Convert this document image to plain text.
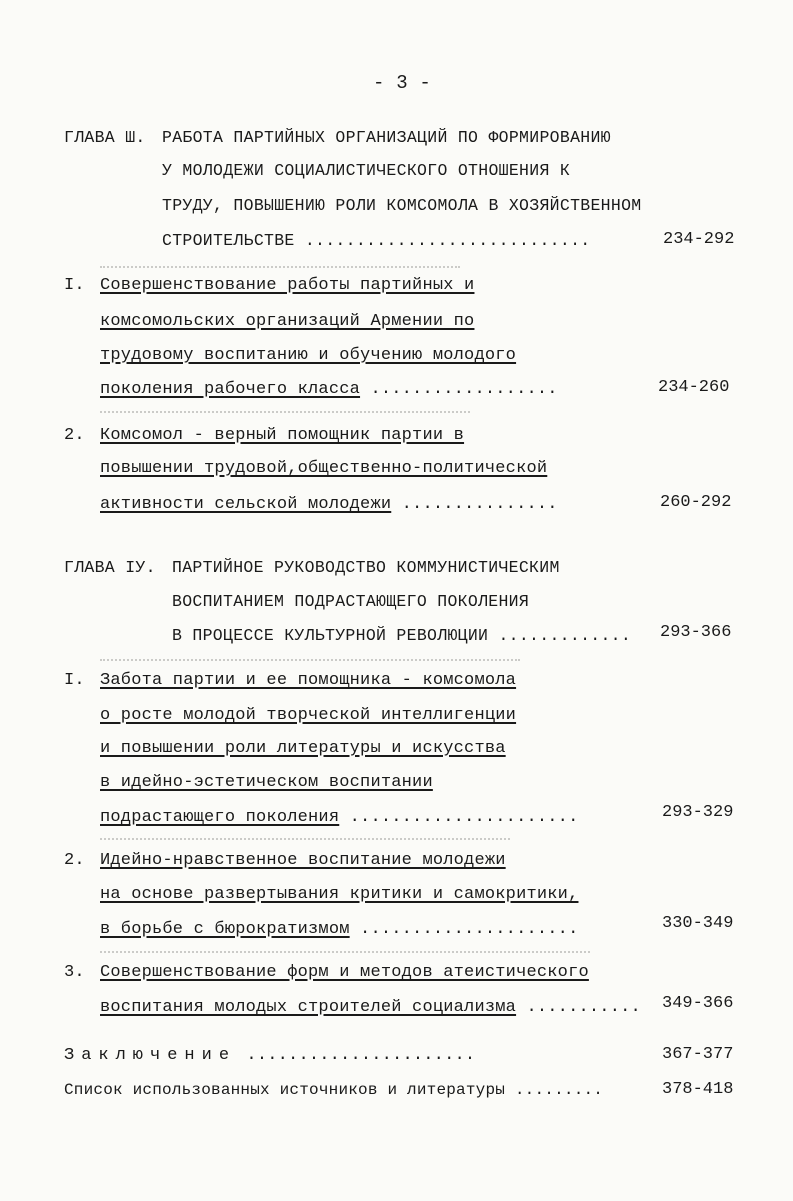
- 3 -
ГЛАВА Ш. РАБОТА ПАРТИЙНЫХ ОРГАНИЗАЦИЙ ПО ФОРМИРОВАНИЮ
У МОЛОДЕЖИ СОЦИАЛИСТИЧЕСКОГО ОТНОШЕНИЯ К
ТРУДУ, ПОВЫШЕНИЮ РОЛИ КОМСОМОЛА В ХОЗЯЙСТВЕННОМ
СТРОИТЕЛЬСТВЕ ............................	234-292
I. Совершенствование работы партийных и
комсомольских организаций Армении по
трудовому воспитанию и обучению молодого
поколения рабочего класса ..................	234-260
2. Комсомол - верный помощник партии в
повышении трудовой,общественно-политической
активности сельской молодежи ...............	260-292
ГЛАВА IУ. ПАРТИЙНОЕ РУКОВОДСТВО КОММУНИСТИЧЕСКИМ
ВОСПИТАНИЕМ ПОДРАСТАЮЩЕГО ПОКОЛЕНИЯ
В ПРОЦЕССЕ КУЛЬТУРНОЙ РЕВОЛЮЦИИ ............. 293-366
I. Забота партии и ее помощника - комсомола
о росте молодой творческой интеллигенции
и повышении роли литературы и искусства
в идейно-эстетическом воспитании
подрастающего поколения ......................	293-329
2. Идейно-нравственное воспитание молодежи
на основе развертывания критики и самокритики,
в борьбе с бюрократизмом .....................	330-349
3. Совершенствование форм и методов атеистического
воспитания молодых строителей социализма ........... 349-366
Заключение ......................	367-377
Список использованных источников и литературы .........	378-418
